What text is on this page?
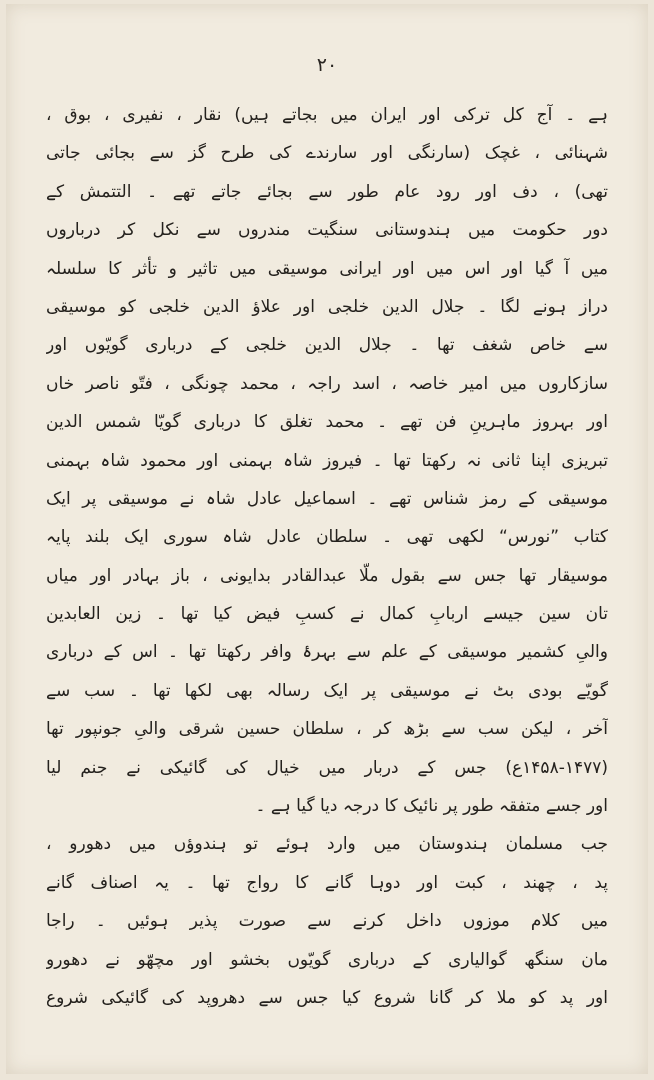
٢٠
ہے ۔ آج کل ترکی اور ایران میں بجاتے ہیں) نقار ، نفیری ، بوق ،
شہنائی ، غچک (سارنگی اور سارندے کی طرح گز سے بجائی جاتی
تھی) ، دف اور رود عام طور سے بجائے جاتے تھے ۔ التتمش کے
دور حکومت میں ہندوستانی سنگیت مندروں سے نکل کر درباروں
میں آ گیا اور اس میں اور ایرانی موسیقی میں تاثیر و تأثر کا سلسلہ
دراز ہونے لگا ۔ جلال الدین خلجی اور علاؤ الدین خلجی کو موسیقی
سے خاص شغف تھا ۔ جلال الدین خلجی کے درباری گویّوں اور
سازکاروں میں امیر خاصہ ، اسد راجہ ، محمد چونگی ، فتّو ناصر خاں
اور بہروز ماہرینِ فن تھے ۔ محمد تغلق کا درباری گویّا شمس الدین
تبریزی اپنا ثانی نہ رکھتا تھا ۔ فیروز شاہ بہمنی اور محمود شاہ بہمنی
موسیقی کے رمز شناس تھے ۔ اسماعیل عادل شاہ نے موسیقی پر ایک
کتاب ”نورس“ لکھی تھی ۔ سلطان عادل شاہ سوری ایک بلند پایہ
موسیقار تھا جس سے بقول ملّا عبدالقادر بدایونی ، باز بہادر اور میاں
تان سین جیسے اربابِ کمال نے کسبِ فیض کیا تھا ۔ زین العابدین
والیِ کشمیر موسیقی کے علم سے بہرۂ وافر رکھتا تھا ۔ اس کے درباری
گویّے بودی بٹ نے موسیقی پر ایک رسالہ بھی لکھا تھا ۔ سب سے
آخر ، لیکن سب سے بڑھ کر ، سلطان حسین شرقی والیِ جونپور تھا
(۱۴۵۸-۱۴۷۷ع) جس کے دربار میں خیال کی گائیکی نے جنم لیا
اور جسے متفقہ طور پر نائیک کا درجہ دیا گیا ہے ۔
جب مسلمان ہندوستان میں وارد ہوئے تو ہندوؤں میں دھورو ،
پد ، چھند ، کبت اور دوہا گانے کا رواج تھا ۔ یہ اصناف گانے
میں کلام موزوں داخل کرنے سے صورت پذیر ہوئیں ۔ راجا
مان سنگھ گوالیاری کے درباری گویّوں بخشو اور مچھّو نے دھورو
اور پد کو ملا کر گانا شروع کیا جس سے دھروپد کی گائیکی شروع
